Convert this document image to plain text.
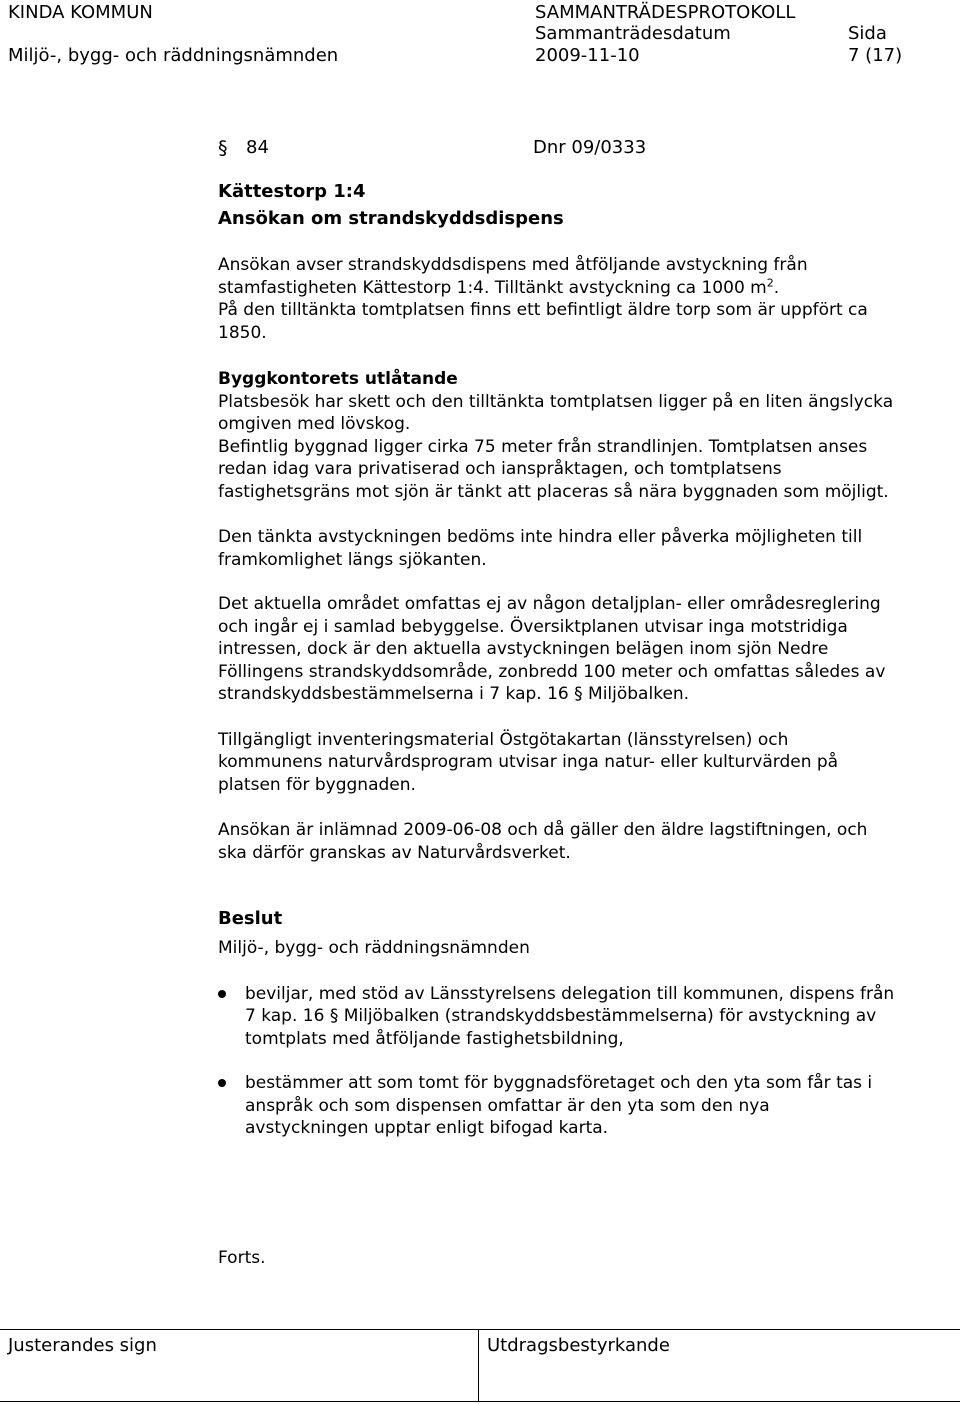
KINDA KOMMUN
Miljö-, bygg- och räddningsnämnden
SAMMANTRÄDESPROTOKOLL
Sammanträdesdatum
2009-11-10
Sida
7 (17)
§ 84	Dnr 09/0333
Kättestorp 1:4
Ansökan om strandskyddsdispens
Ansökan avser strandskyddsdispens med åtföljande avstyckning från
stamfastigheten Kättestorp 1:4. Tilltänkt avstyckning ca 1000 $m^2$.
På den tilltänkta tomtplatsen finns ett befintligt äldre torp som är uppfört ca
1850.
Byggkontorets utlåtande
Platsbesök har skett och den tilltänkta tomtplatsen ligger på en liten ängslycka
omgiven med lövskog.
Befintlig byggnad ligger cirka 75 meter från strandlinjen. Tomtplatsen anses
redan idag vara privatiserad och ianspråktagen, och tomtplatsens
fastighetsgräns mot sjön är tänkt att placeras så nära byggnaden som möjligt.
Den tänkta avstyckningen bedöms inte hindra eller påverka möjligheten till
framkomlighet längs sjökanten.
Det aktuella området omfattas ej av någon detaljplan- eller områdesreglering
och ingår ej i samlad bebyggelse. Översiktplanen utvisar inga motstridiga
intressen, dock är den aktuella avstyckningen belägen inom sjön Nedre
Föllingens strandskyddsområde, zonbredd 100 meter och omfattas således av
strandskyddsbestämmelserna i 7 kap. 16 § Miljöbalken.
Tillgängligt inventeringsmaterial Östgötakartan (länsstyrelsen) och
kommunens naturvårdsprogram utvisar inga natur- eller kulturvärden på
platsen för byggnaden.
Ansökan är inlämnad 2009-06-08 och då gäller den äldre lagstiftningen, och
ska därför granskas av Naturvårdsverket.
Beslut
Miljö-, bygg- och räddningsnämnden
beviljar, med stöd av Länsstyrelsens delegation till kommunen, dispens från
7 kap. 16 § Miljöbalken (strandskyddsbestämmelserna) för avstyckning av
tomtplats med åtföljande fastighetsbildning,
bestämmer att som tomt för byggnadsföretaget och den yta som får tas i
anspråk och som dispensen omfattar är den yta som den nya
avstyckningen upptar enligt bifogad karta.
Forts.
Justerandes sign	Utdragsbestyrkande
